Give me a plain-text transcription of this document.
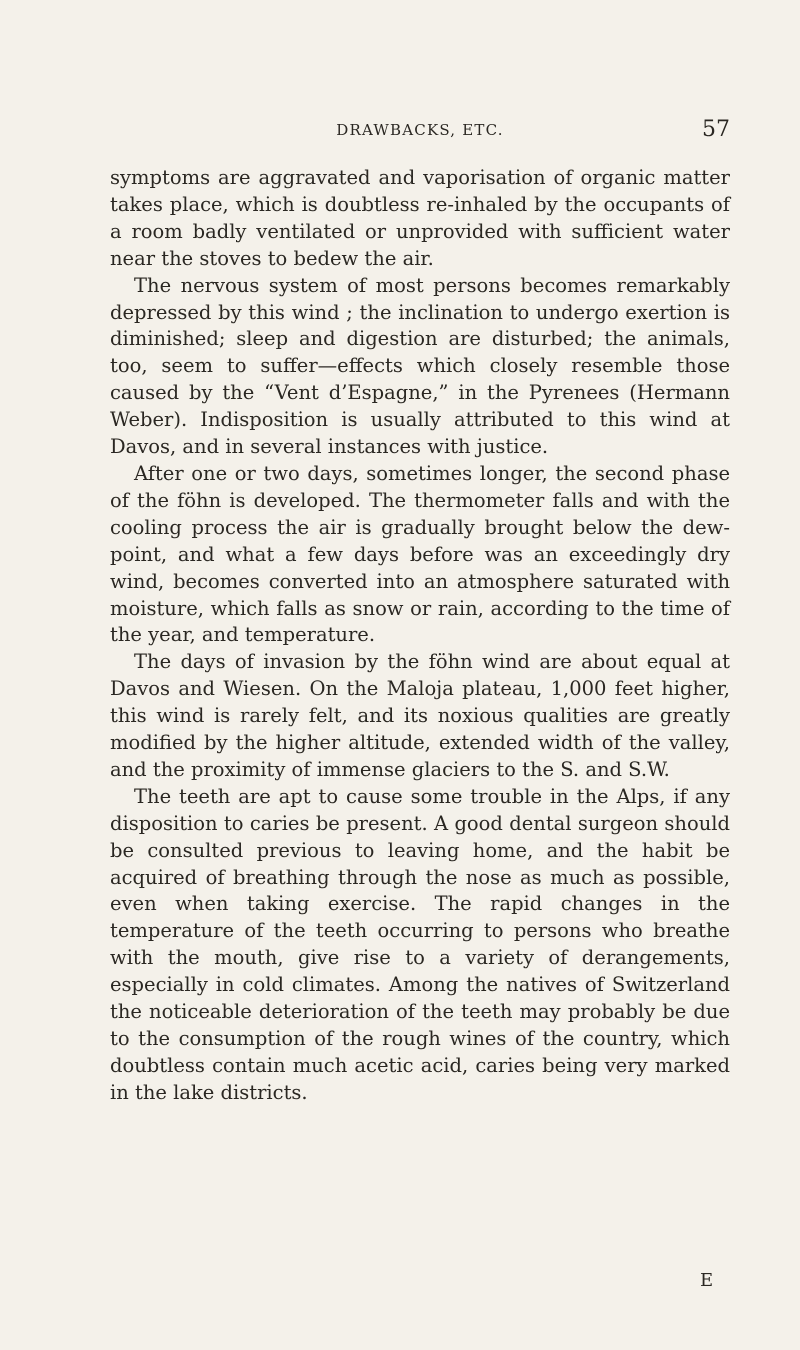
DRAWBACKS, ETC.	57

symptoms are aggravated and vaporisation of organic matter takes place, which is doubtless re-inhaled by the occupants of a room badly ventilated or unprovided with sufficient water near the stoves to bedew the air.

The nervous system of most persons becomes remarkably depressed by this wind ; the inclination to undergo exertion is diminished; sleep and digestion are disturbed; the animals, too, seem to suffer—effects which closely resemble those caused by the “Vent d’Espagne,” in the Pyrenees (Hermann Weber). Indisposition is usually attributed to this wind at Davos, and in several instances with justice.

After one or two days, sometimes longer, the second phase of the föhn is developed. The thermometer falls and with the cooling process the air is gradually brought below the dew-point, and what a few days before was an exceedingly dry wind, becomes converted into an atmosphere saturated with moisture, which falls as snow or rain, according to the time of the year, and temperature.

The days of invasion by the föhn wind are about equal at Davos and Wiesen. On the Maloja plateau, 1,000 feet higher, this wind is rarely felt, and its noxious qualities are greatly modified by the higher altitude, extended width of the valley, and the proximity of immense glaciers to the S. and S.W.

The teeth are apt to cause some trouble in the Alps, if any disposition to caries be present. A good dental surgeon should be consulted previous to leaving home, and the habit be acquired of breathing through the nose as much as possible, even when taking exercise. The rapid changes in the temperature of the teeth occurring to persons who breathe with the mouth, give rise to a variety of derangements, especially in cold climates. Among the natives of Switzerland the noticeable deterioration of the teeth may probably be due to the consumption of the rough wines of the country, which doubtless contain much acetic acid, caries being very marked in the lake districts.

E
